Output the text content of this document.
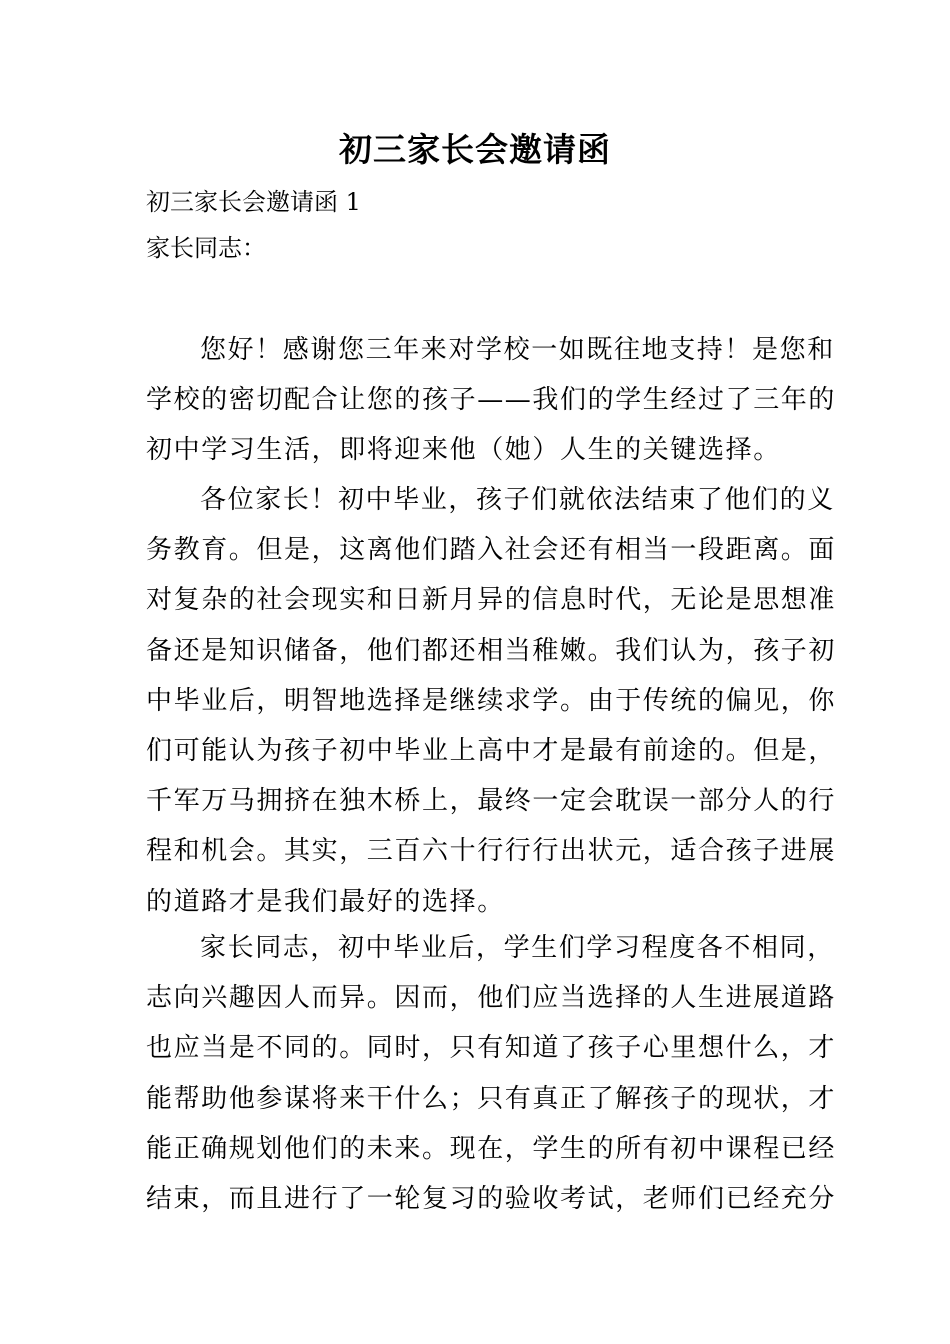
初三家长会邀请函
初三家长会邀请函 1
家长同志：
您好！感谢您三年来对学校一如既往地支持！是您和
学校的密切配合让您的孩子——我们的学生经过了三年的
初中学习生活，即将迎来他（她）人生的关键选择。
各位家长！初中毕业，孩子们就依法结束了他们的义
务教育。但是，这离他们踏入社会还有相当一段距离。面
对复杂的社会现实和日新月异的信息时代，无论是思想准
备还是知识储备，他们都还相当稚嫩。我们认为，孩子初
中毕业后，明智地选择是继续求学。由于传统的偏见，你
们可能认为孩子初中毕业上高中才是最有前途的。但是，
千军万马拥挤在独木桥上，最终一定会耽误一部分人的行
程和机会。其实，三百六十行行行出状元，适合孩子进展
的道路才是我们最好的选择。
家长同志，初中毕业后，学生们学习程度各不相同，
志向兴趣因人而异。因而，他们应当选择的人生进展道路
也应当是不同的。同时，只有知道了孩子心里想什么，才
能帮助他参谋将来干什么；只有真正了解孩子的现状，才
能正确规划他们的未来。现在，学生的所有初中课程已经
结束，而且进行了一轮复习的验收考试，老师们已经充分
